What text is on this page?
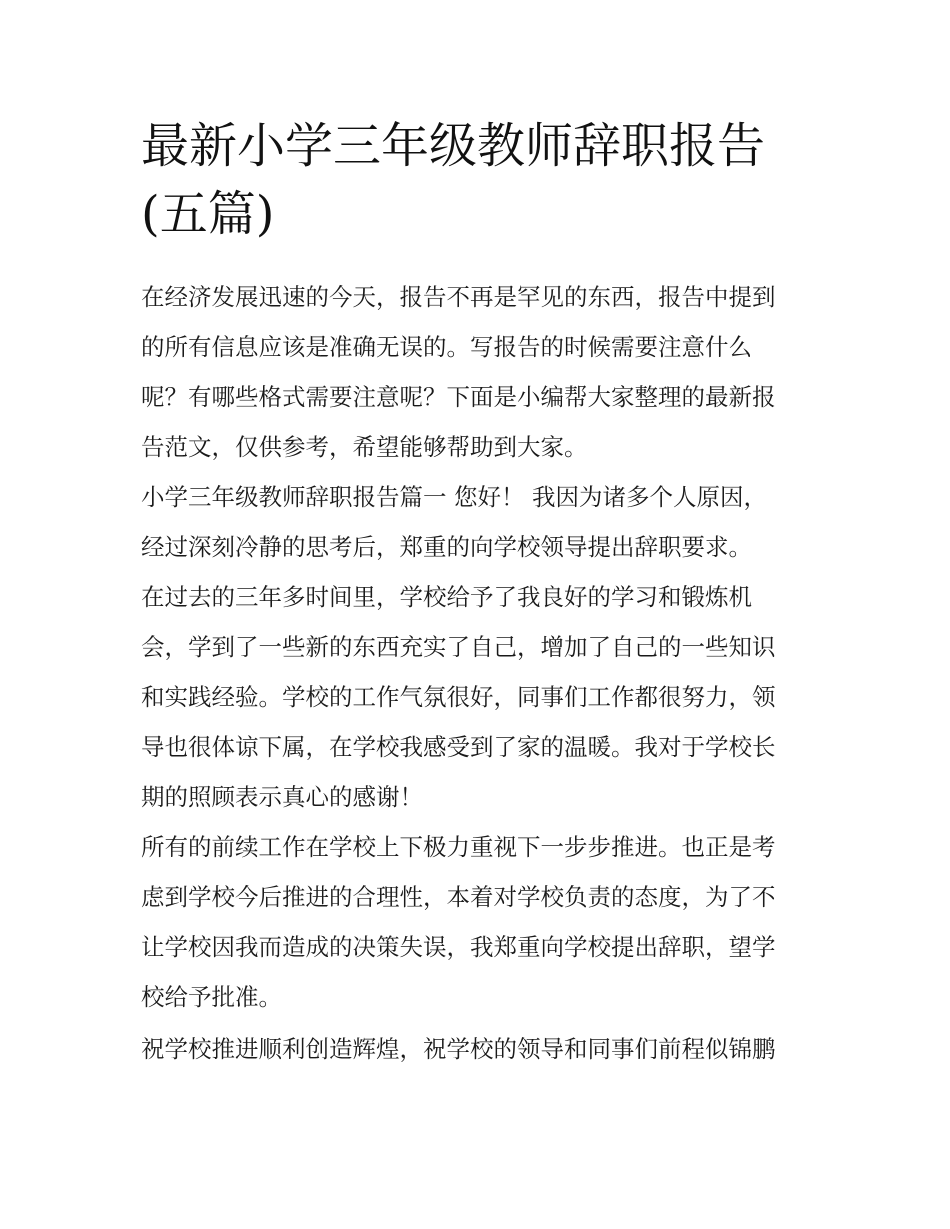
最新小学三年级教师辞职报告
(五篇)

在经济发展迅速的今天，报告不再是罕见的东西，报告中提到
的所有信息应该是准确无误的。写报告的时候需要注意什么
呢？有哪些格式需要注意呢？下面是小编帮大家整理的最新报
告范文，仅供参考，希望能够帮助到大家。

小学三年级教师辞职报告篇一 您好！ 我因为诸多个人原因，
经过深刻冷静的思考后，郑重的向学校领导提出辞职要求。

在过去的三年多时间里，学校给予了我良好的学习和锻炼机
会，学到了一些新的东西充实了自己，增加了自己的一些知识
和实践经验。学校的工作气氛很好，同事们工作都很努力，领
导也很体谅下属，在学校我感受到了家的温暖。我对于学校长
期的照顾表示真心的感谢！

所有的前续工作在学校上下极力重视下一步步推进。也正是考
虑到学校今后推进的合理性，本着对学校负责的态度，为了不
让学校因我而造成的决策失误，我郑重向学校提出辞职，望学
校给予批准。

祝学校推进顺利创造辉煌，祝学校的领导和同事们前程似锦鹏
